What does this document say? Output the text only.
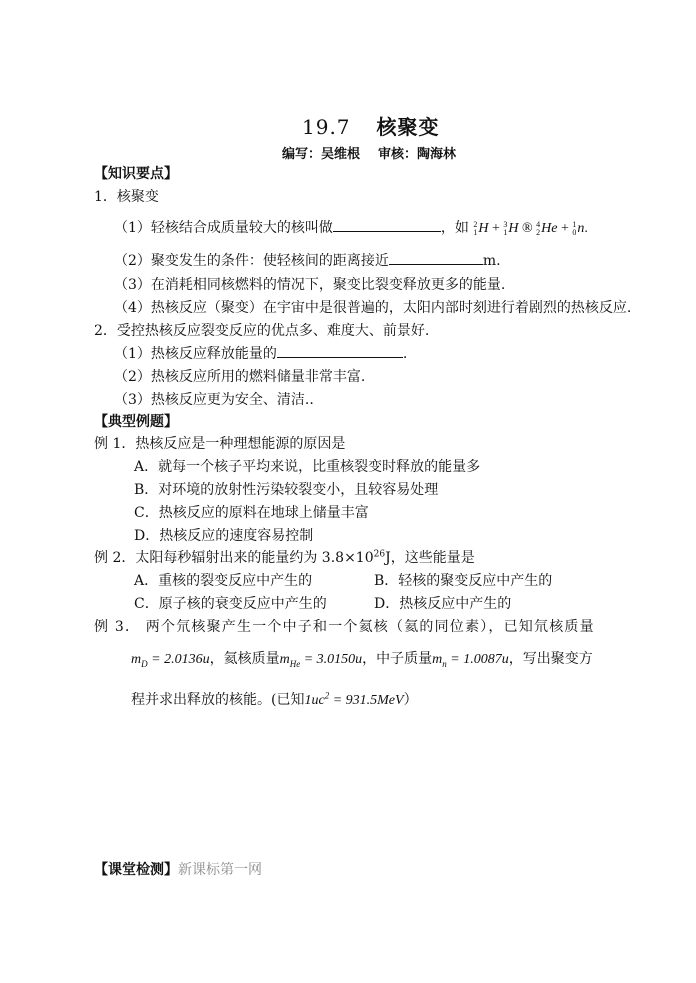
19.7 核聚变
编写：吴维根 审核：陶海林
【知识要点】
1．核聚变
（1）轻核结合成质量较大的核叫做	，如 2
1 H + 3
1 H ® 4
2 He + 1
0 n.
（2）聚变发生的条件：使轻核间的距离接近	m.
（3）在消耗相同核燃料的情况下，聚变比裂变释放更多的能量.
（4）热核反应（聚变）在宇宙中是很普遍的，太阳内部时刻进行着剧烈的热核反应.
2．受控热核反应裂变反应的优点多、难度大、前景好.
（1）热核反应释放能量的	.
（2）热核反应所用的燃料储量非常丰富.
（3）热核反应更为安全、清洁..
【典型例题】
例 1．热核反应是一种理想能源的原因是
A．就每一个核子平均来说，比重核裂变时释放的能量多
B．对环境的放射性污染较裂变小，且较容易处理
C．热核反应的原料在地球上储量丰富
D．热核反应的速度容易控制
例 2．太阳每秒辐射出来的能量约为 $3.8\times 10^{26}J$，这些能量是
A．重核的裂变反应中产生的	B．轻核的聚变反应中产生的
C．原子核的衰变反应中产生的	D．热核反应中产生的
例 3． 两个氘核聚产生一个中子和一个氦核（氦的同位素），已知氘核质量
$m_D = 2.0136u$，氦核质量$m_{He} = 3.0150u$，中子质量$m_n = 1.0087u$，写出聚变方
程并求出释放的核能。(已知$1uc^2 = 931.5MeV$）
【课堂检测】新课标第一网
